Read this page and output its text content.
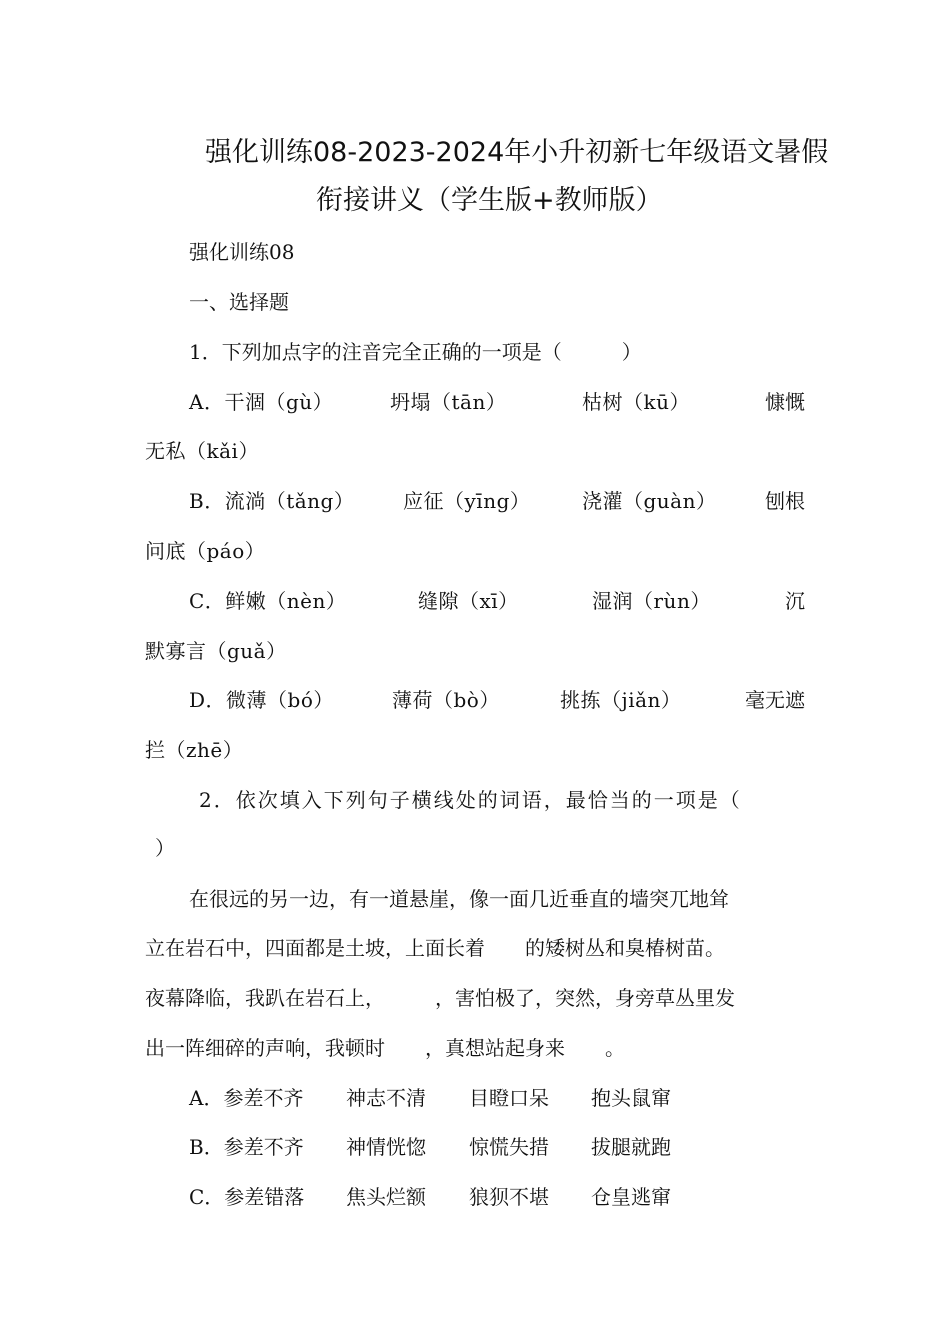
强化训练08-2023-2024年小升初新七年级语文暑假
衔接讲义（学生版+教师版）
强化训练08
一、选择题
1．下列加点字的注音完全正确的一项是（　　　）
A．干涸（gù）	坍塌（tān）	枯树（kū）	慷慨
无私（kǎi）
B．流淌（tǎng） 应征（yīng）	浇灌（guàn） 刨根
问底（páo）
C．鲜嫩（nèn）	缝隙（xī）	湿润（rùn）	沉
默寡言（guǎ）
D．微薄（bó）	薄荷（bò）	挑拣（jiǎn）	毫无遮
拦（zhē）
2．依次填入下列句子横线处的词语，最恰当的一项是（
）
在很远的另一边，有一道悬崖，像一面几近垂直的墙突兀地耸
立在岩石中，四面都是土坡，上面长着　　的矮树丛和臭椿树苗。
夜幕降临，我趴在岩石上，　　　，害怕极了，突然，身旁草丛里发
出一阵细碎的声响，我顿时　　，真想站起身来　　。
A．参差不齐 神志不清 目瞪口呆 抱头鼠窜
B．参差不齐 神情恍惚 惊慌失措 拔腿就跑
C．参差错落 焦头烂额 狼狈不堪 仓皇逃窜
